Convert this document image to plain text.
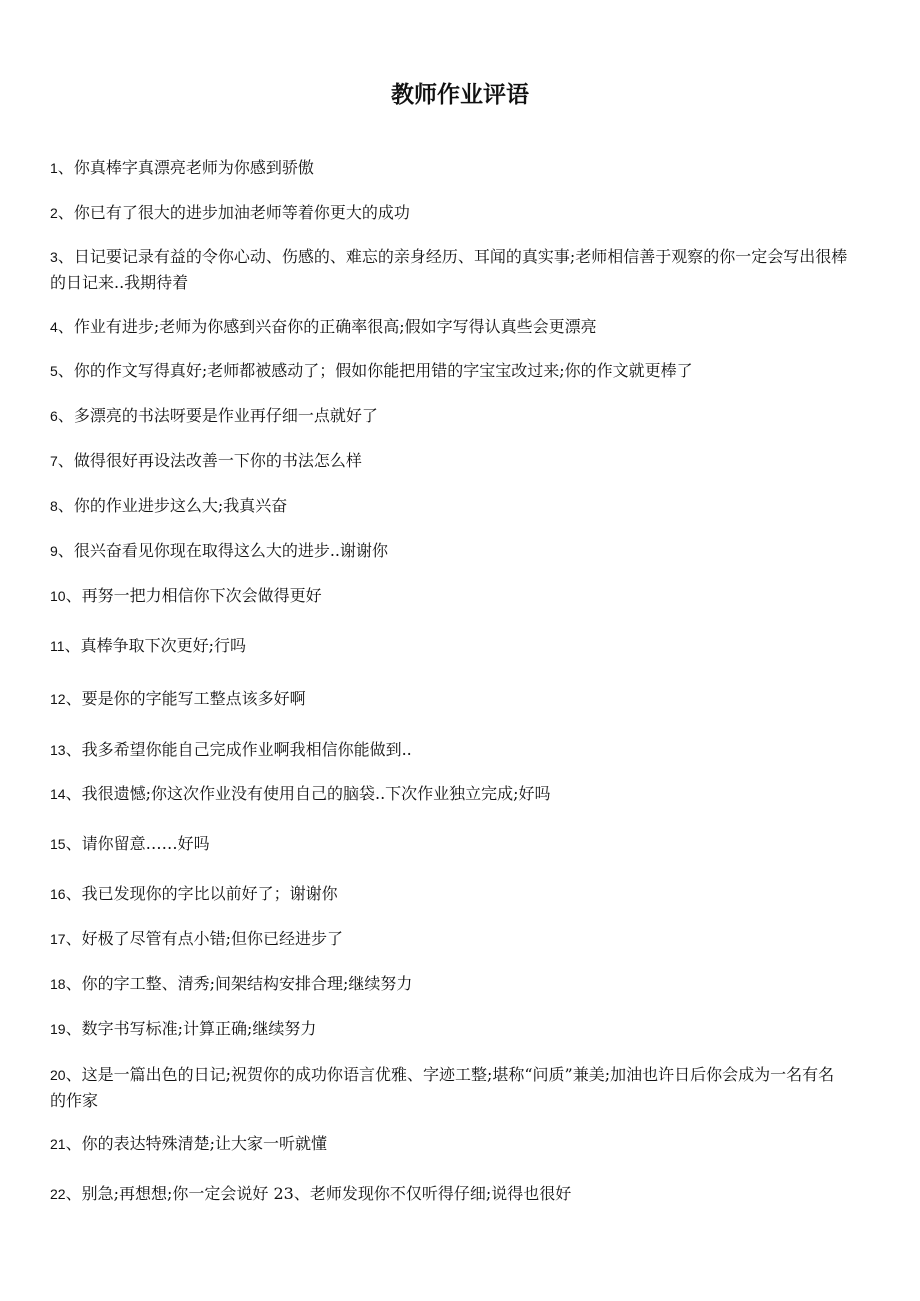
教师作业评语
1、你真棒字真漂亮老师为你感到骄傲
2、你已有了很大的进步加油老师等着你更大的成功
3、日记要记录有益的令你心动、伤感的、难忘的亲身经历、耳闻的真实事;老师相信善于观察的你一定会写出很棒的日记来..我期待着
4、作业有进步;老师为你感到兴奋你的正确率很高;假如字写得认真些会更漂亮
5、你的作文写得真好;老师都被感动了；假如你能把用错的字宝宝改过来;你的作文就更棒了
6、多漂亮的书法呀要是作业再仔细一点就好了
7、做得很好再设法改善一下你的书法怎么样
8、你的作业进步这么大;我真兴奋
9、很兴奋看见你现在取得这么大的进步..谢谢你
10、再努一把力相信你下次会做得更好
11、真棒争取下次更好;行吗
12、要是你的字能写工整点该多好啊
13、我多希望你能自己完成作业啊我相信你能做到..
14、我很遗憾;你这次作业没有使用自己的脑袋..下次作业独立完成;好吗
15、请你留意……好吗
16、我已发现你的字比以前好了；谢谢你
17、好极了尽管有点小错;但你已经进步了
18、你的字工整、清秀;间架结构安排合理;继续努力
19、数字书写标准;计算正确;继续努力
20、这是一篇出色的日记;祝贺你的成功你语言优雅、字迹工整;堪称“问质”兼美;加油也许日后你会成为一名有名的作家
21、你的表达特殊清楚;让大家一听就懂
22、别急;再想想;你一定会说好 23、老师发现你不仅听得仔细;说得也很好
